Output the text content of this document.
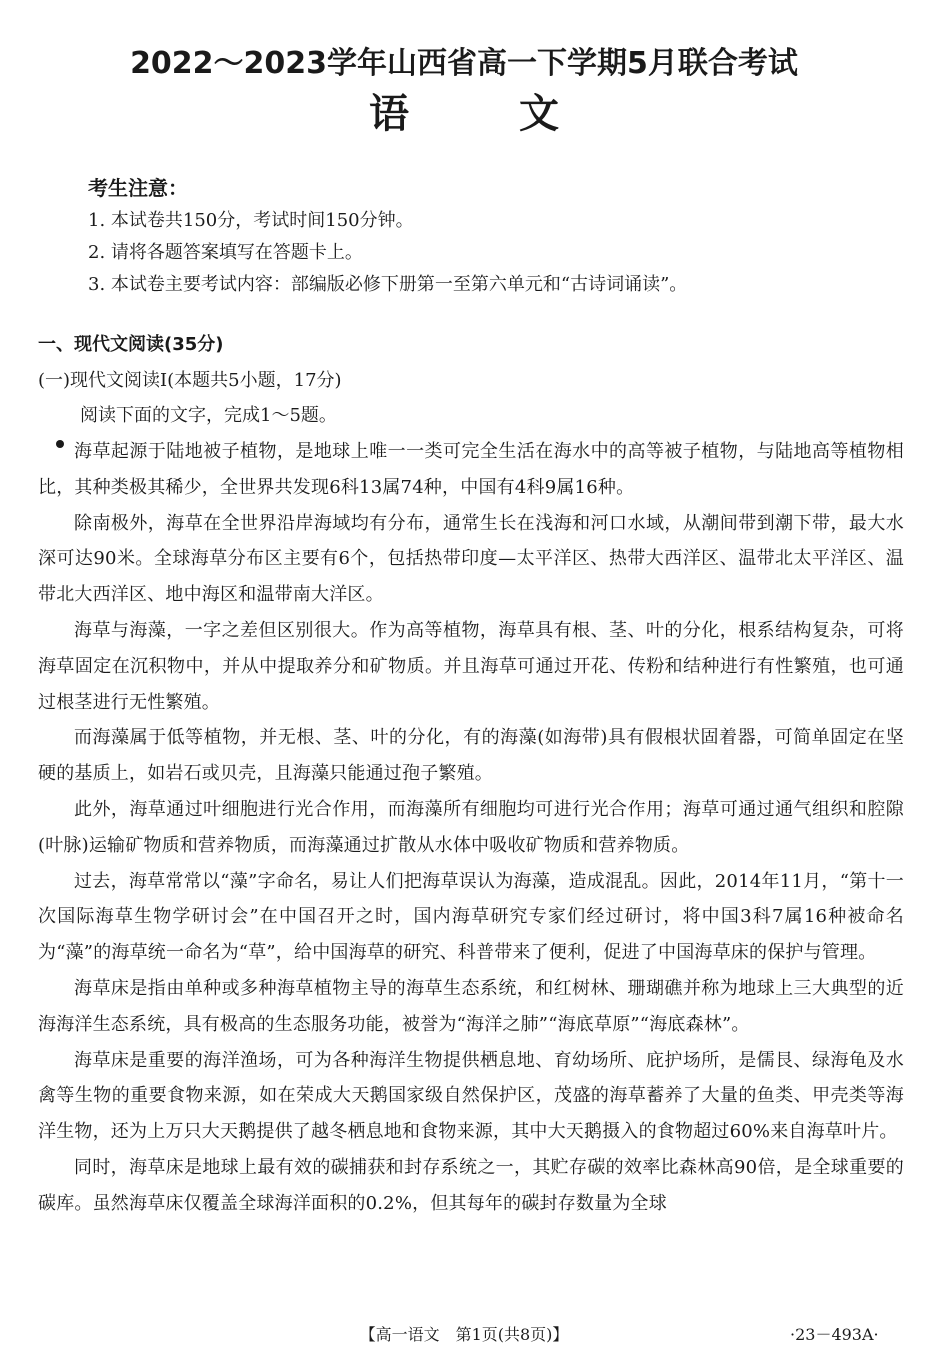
2022～2023学年山西省高一下学期5月联合考试
语文
考生注意：
1. 本试卷共150分，考试时间150分钟。
2. 请将各题答案填写在答题卡上。
3. 本试卷主要考试内容：部编版必修下册第一至第六单元和“古诗词诵读”。
一、现代文阅读(35分)
(一)现代文阅读Ⅰ(本题共5小题，17分)
阅读下面的文字，完成1～5题。

海草起源于陆地被子植物，是地球上唯一一类可完全生活在海水中的高等被子植物，与陆地高等植物相比，其种类极其稀少，全世界共发现6科13属74种，中国有4科9属16种。

除南极外，海草在全世界沿岸海域均有分布，通常生长在浅海和河口水域，从潮间带到潮下带，最大水深可达90米。全球海草分布区主要有6个，包括热带印度—太平洋区、热带大西洋区、温带北太平洋区、温带北大西洋区、地中海区和温带南大洋区。

海草与海藻，一字之差但区别很大。作为高等植物，海草具有根、茎、叶的分化，根系结构复杂，可将海草固定在沉积物中，并从中提取养分和矿物质。并且海草可通过开花、传粉和结种进行有性繁殖，也可通过根茎进行无性繁殖。

而海藻属于低等植物，并无根、茎、叶的分化，有的海藻(如海带)具有假根状固着器，可简单固定在坚硬的基质上，如岩石或贝壳，且海藻只能通过孢子繁殖。

此外，海草通过叶细胞进行光合作用，而海藻所有细胞均可进行光合作用；海草可通过通气组织和腔隙(叶脉)运输矿物质和营养物质，而海藻通过扩散从水体中吸收矿物质和营养物质。

过去，海草常常以“藻”字命名，易让人们把海草误认为海藻，造成混乱。因此，2014年11月，“第十一次国际海草生物学研讨会”在中国召开之时，国内海草研究专家们经过研讨，将中国3科7属16种被命名为“藻”的海草统一命名为“草”，给中国海草的研究、科普带来了便利，促进了中国海草床的保护与管理。

海草床是指由单种或多种海草植物主导的海草生态系统，和红树林、珊瑚礁并称为地球上三大典型的近海海洋生态系统，具有极高的生态服务功能，被誉为“海洋之肺”“海底草原”“海底森林”。

海草床是重要的海洋渔场，可为各种海洋生物提供栖息地、育幼场所、庇护场所，是儒艮、绿海龟及水禽等生物的重要食物来源，如在荣成大天鹅国家级自然保护区，茂盛的海草蓄养了大量的鱼类、甲壳类等海洋生物，还为上万只大天鹅提供了越冬栖息地和食物来源，其中大天鹅摄入的食物超过60%来自海草叶片。

同时，海草床是地球上最有效的碳捕获和封存系统之一，其贮存碳的效率比森林高90倍，是全球重要的碳库。虽然海草床仅覆盖全球海洋面积的0.2%，但其每年的碳封存数量为全球

【高一语文　第1页(共8页)】	·23－493A·
